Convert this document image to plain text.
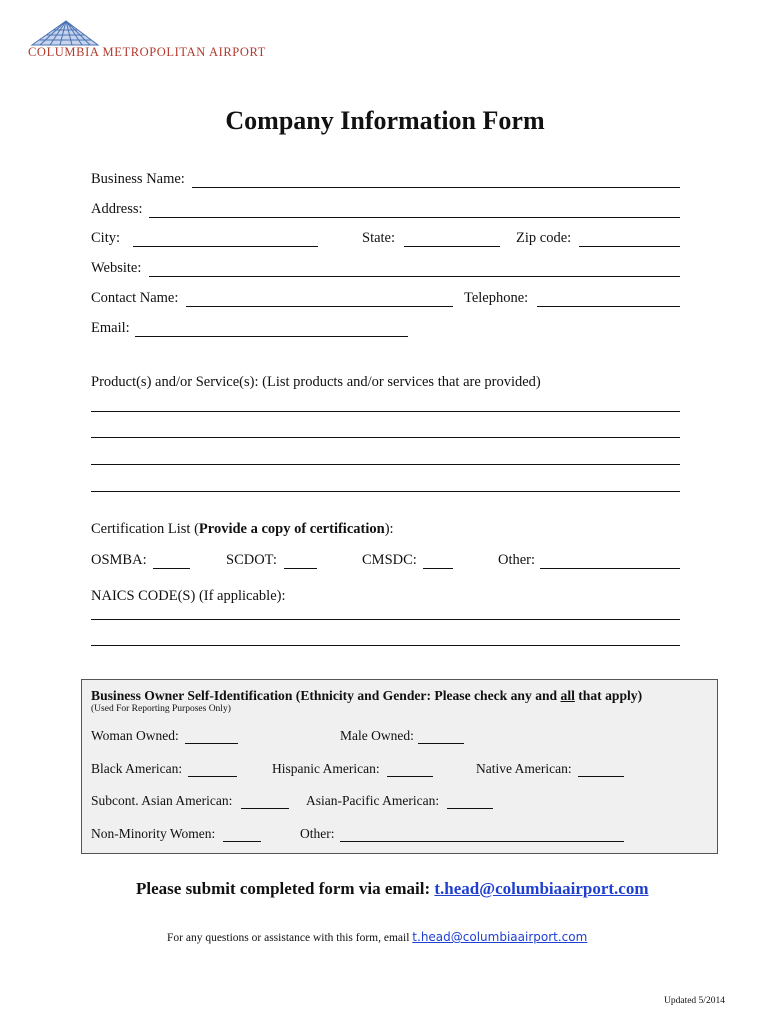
COLUMBIA METROPOLITAN AIRPORT
Company Information Form
Business Name:
Address:
City:	State:	Zip code:
Website:
Contact Name:	Telephone:
Email:
Product(s) and/or Service(s): (List products and/or services that are provided)
Certification List (Provide a copy of certification):
OSMBA:	SCDOT:	CMSDC:	Other:
NAICS CODE(S) (If applicable):
Business Owner Self-Identification (Ethnicity and Gender: Please check any and all that apply)
(Used For Reporting Purposes Only)
Woman Owned:	Male Owned:
Black American:	Hispanic American:	Native American:
Subcont. Asian American:	Asian-Pacific American:
Non-Minority Women:	Other:
Please submit completed form via email: t.head@columbiaairport.com
For any questions or assistance with this form, email t.head@columbiaairport.com
Updated 5/2014
